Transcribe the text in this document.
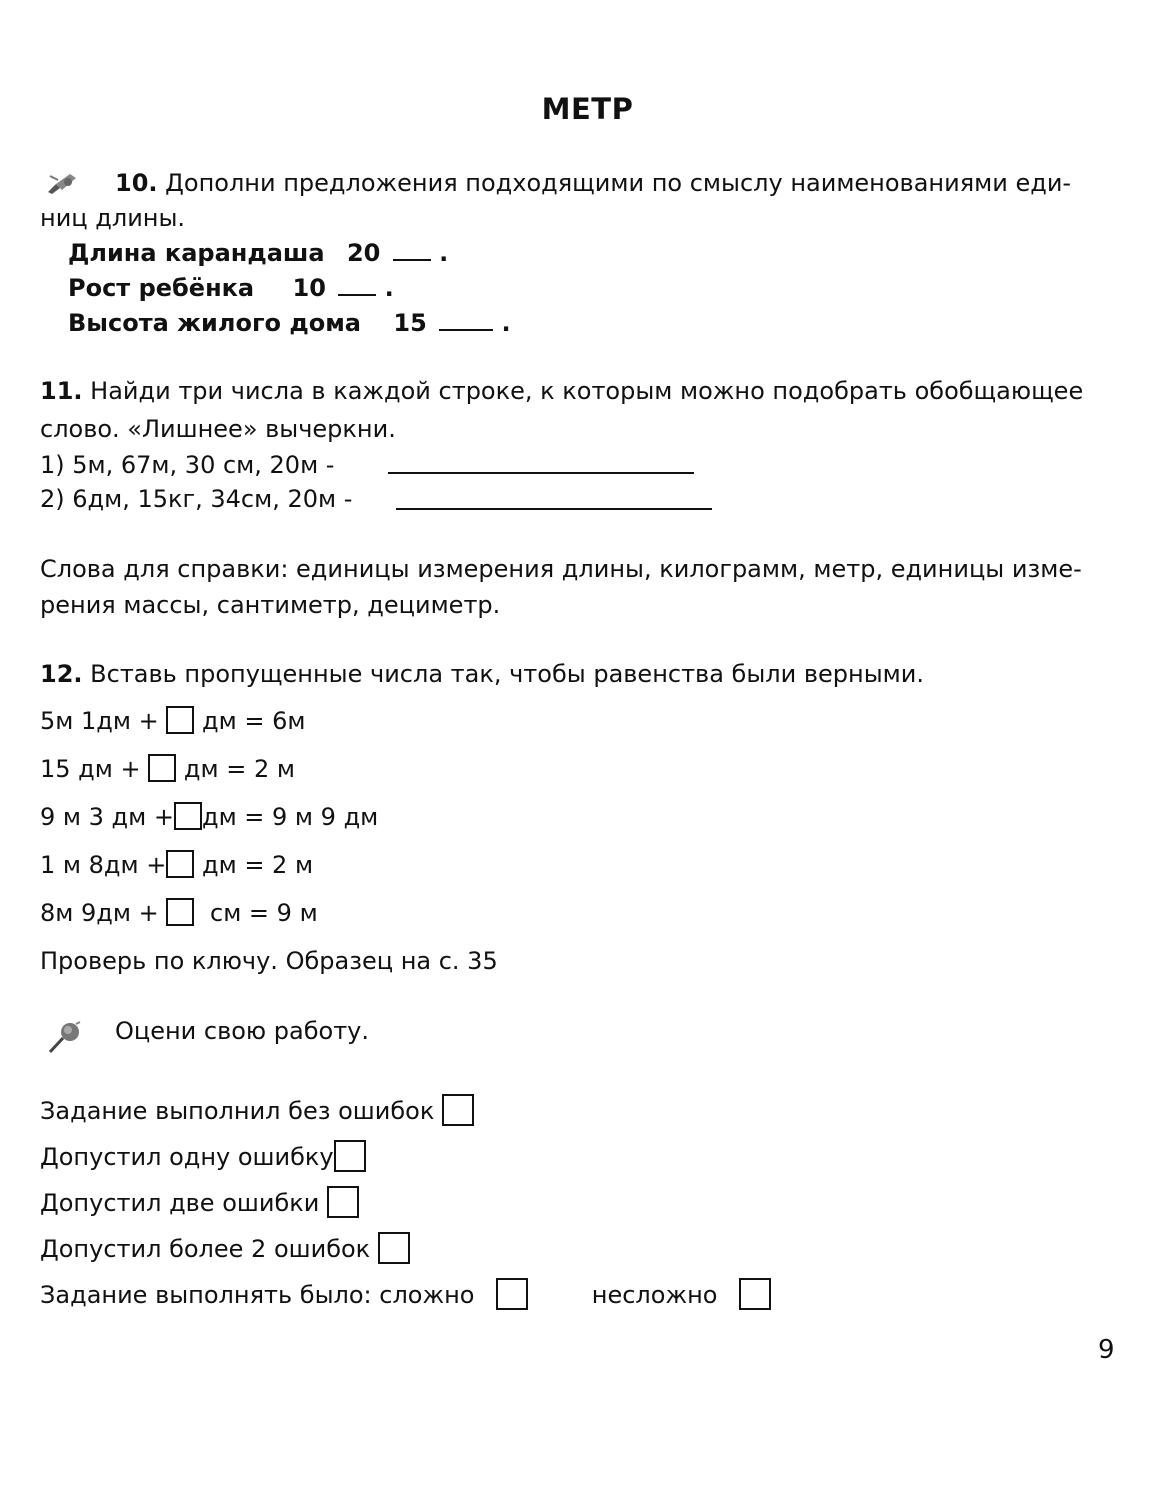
МЕТР
10. Дополни предложения подходящими по смыслу наименованиями еди-
ниц длины.
Длина карандаша 20 .
Рост ребёнка 10 .
Высота жилого дома 15	.
11. Найди три числа в каждой строке, к которым можно подобрать обобщающее
слово. «Лишнее» вычеркни.
1) 5м, 67м, 30 см, 20м -
2) 6дм, 15кг, 34см, 20м -
Слова для справки: единицы измерения длины, килограмм, метр, единицы изме-
рения массы, сантиметр, дециметр.
12. Вставь пропущенные числа так, чтобы равенства были верными.
5м 1дм + дм = 6м
15 дм + дм = 2 м
9 м 3 дм + дм = 9 м 9 дм
1 м 8дм + дм = 2 м
8м 9дм + см = 9 м
Проверь по ключу. Образец на с. 35
Оцени свою работу.
Задание выполнил без ошибок
Допустил одну ошибку
Допустил две ошибки
Допустил более 2 ошибок
Задание выполнять было: сложно	несложно
9
